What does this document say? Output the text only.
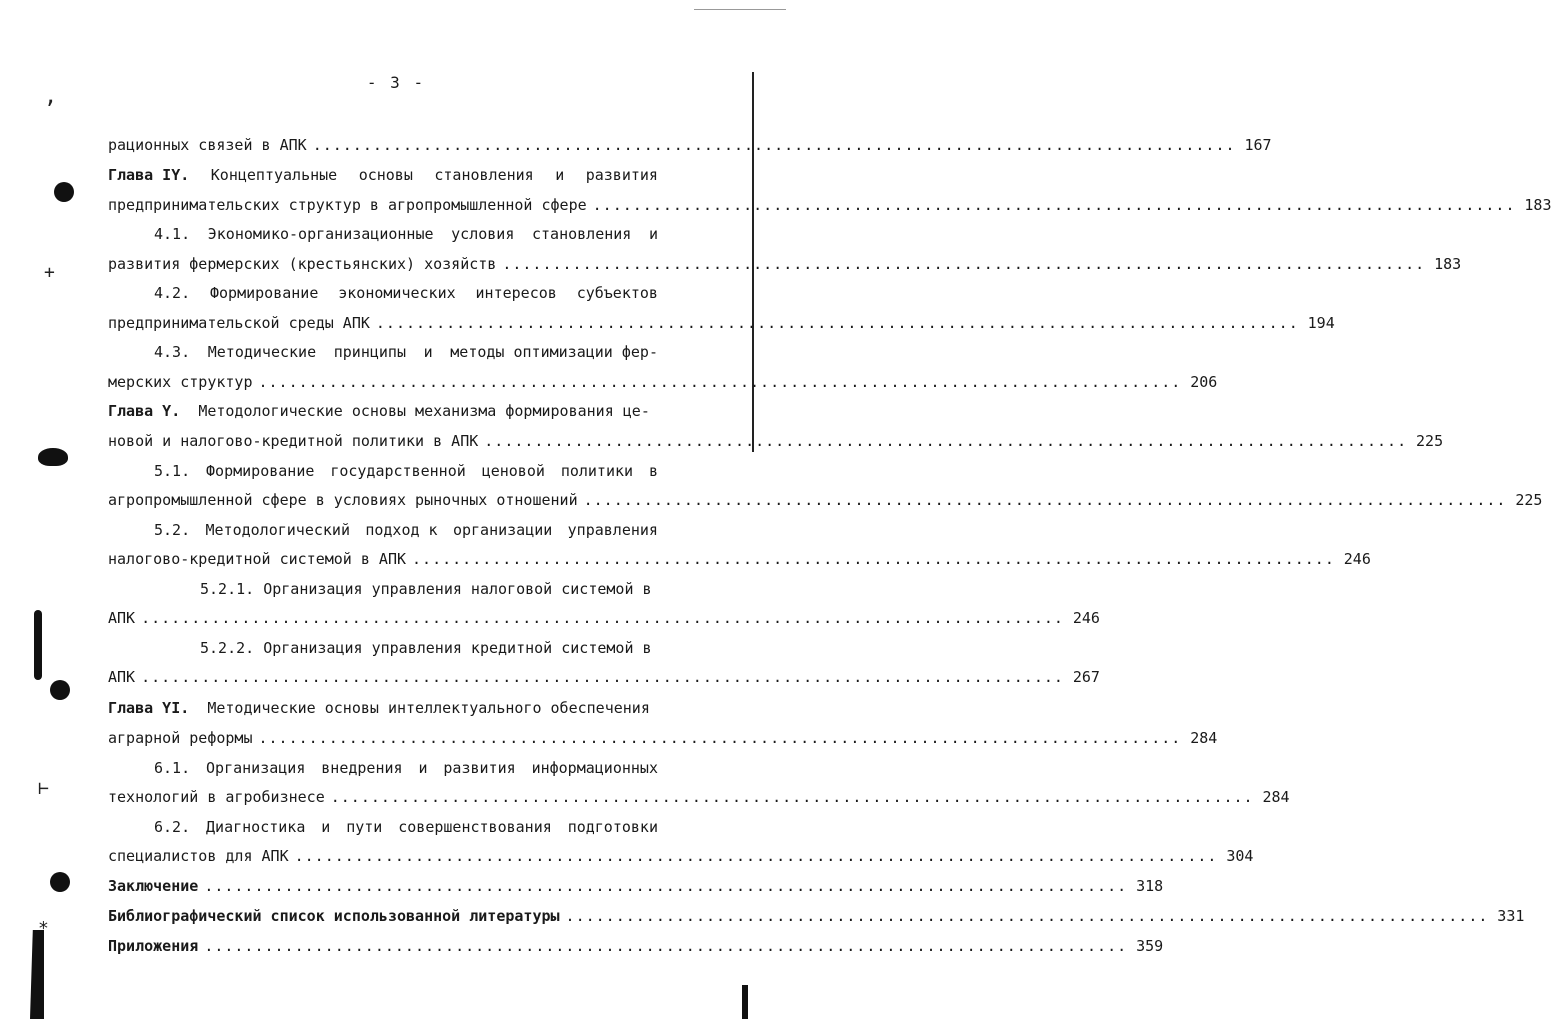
‚
+
⊢
*
- 3 -
рационных связей в АПК ............................................................................................ 167
Глава IY. Концептуальные основы становления и развития
предпринимательских структур в агропромышленной сфере ............................................................................................ 183
4.1. Экономико-организационные условия становления и
развития фермерских (крестьянских) хозяйств ............................................................................................ 183
4.2. Формирование экономических интересов субъектов
предпринимательской среды АПК ............................................................................................ 194
4.3. Методические принципы и методы оптимизации фер-
мерских структур ............................................................................................ 206
Глава Y. Методологические основы механизма формирования це-
новой и налогово-кредитной политики в АПК ............................................................................................ 225
5.1. Формирование государственной ценовой политики в
агропромышленной сфере в условиях рыночных отношений ............................................................................................ 225
5.2. Методологический подход к организации управления
налогово-кредитной системой в АПК ............................................................................................ 246
5.2.1. Организация управления налоговой системой в
АПК ............................................................................................ 246
5.2.2. Организация управления кредитной системой в
АПК ............................................................................................ 267
Глава YI. Методические основы интеллектуального обеспечения
аграрной реформы ............................................................................................ 284
6.1. Организация внедрения и развития информационных
технологий в агробизнесе ............................................................................................ 284
6.2. Диагностика и пути совершенствования подготовки
специалистов для АПК ............................................................................................ 304
Заключение ............................................................................................ 318
Библиографический список использованной литературы ............................................................................................ 331
Приложения ............................................................................................ 359
